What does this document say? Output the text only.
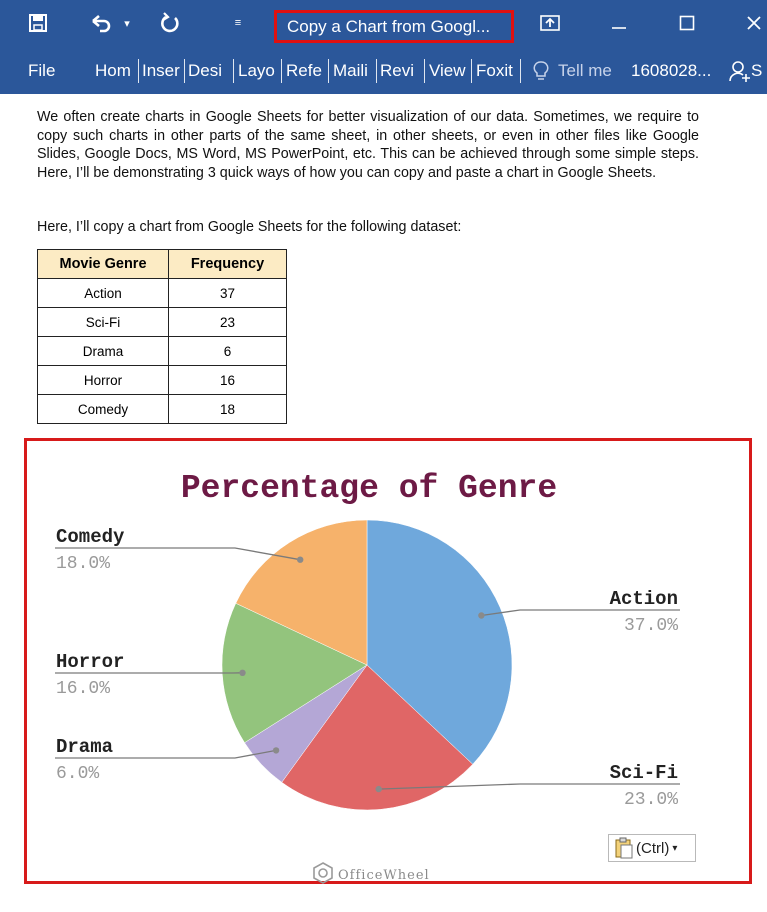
▾	≡	Copy a Chart from Googl...
File	Hom Inser Desi Layo Refe Maili Revi View Foxit	Tell me	1608028... S
We often create charts in Google Sheets for better visualization of our data. Sometimes, we require to copy such charts in other parts of the same sheet, in other sheets, or even in other files like Google Slides, Google Docs, MS Word, MS PowerPoint, etc. This can be achieved through some simple steps. Here, I’ll be demonstrating 3 quick ways of how you can copy and paste a chart in Google Sheets.
Here, I’ll copy a chart from Google Sheets for the following dataset:
Movie Genre	Frequency
Action	37
Sci-Fi	23
Drama	6
Horror	16
Comedy	18
Percentage of Genre
Action
37.0%
Sci-Fi
23.0%
Drama
6.0%
Horror
16.0%
Comedy
18.0%
(Ctrl) ▾
OfficeWheel
